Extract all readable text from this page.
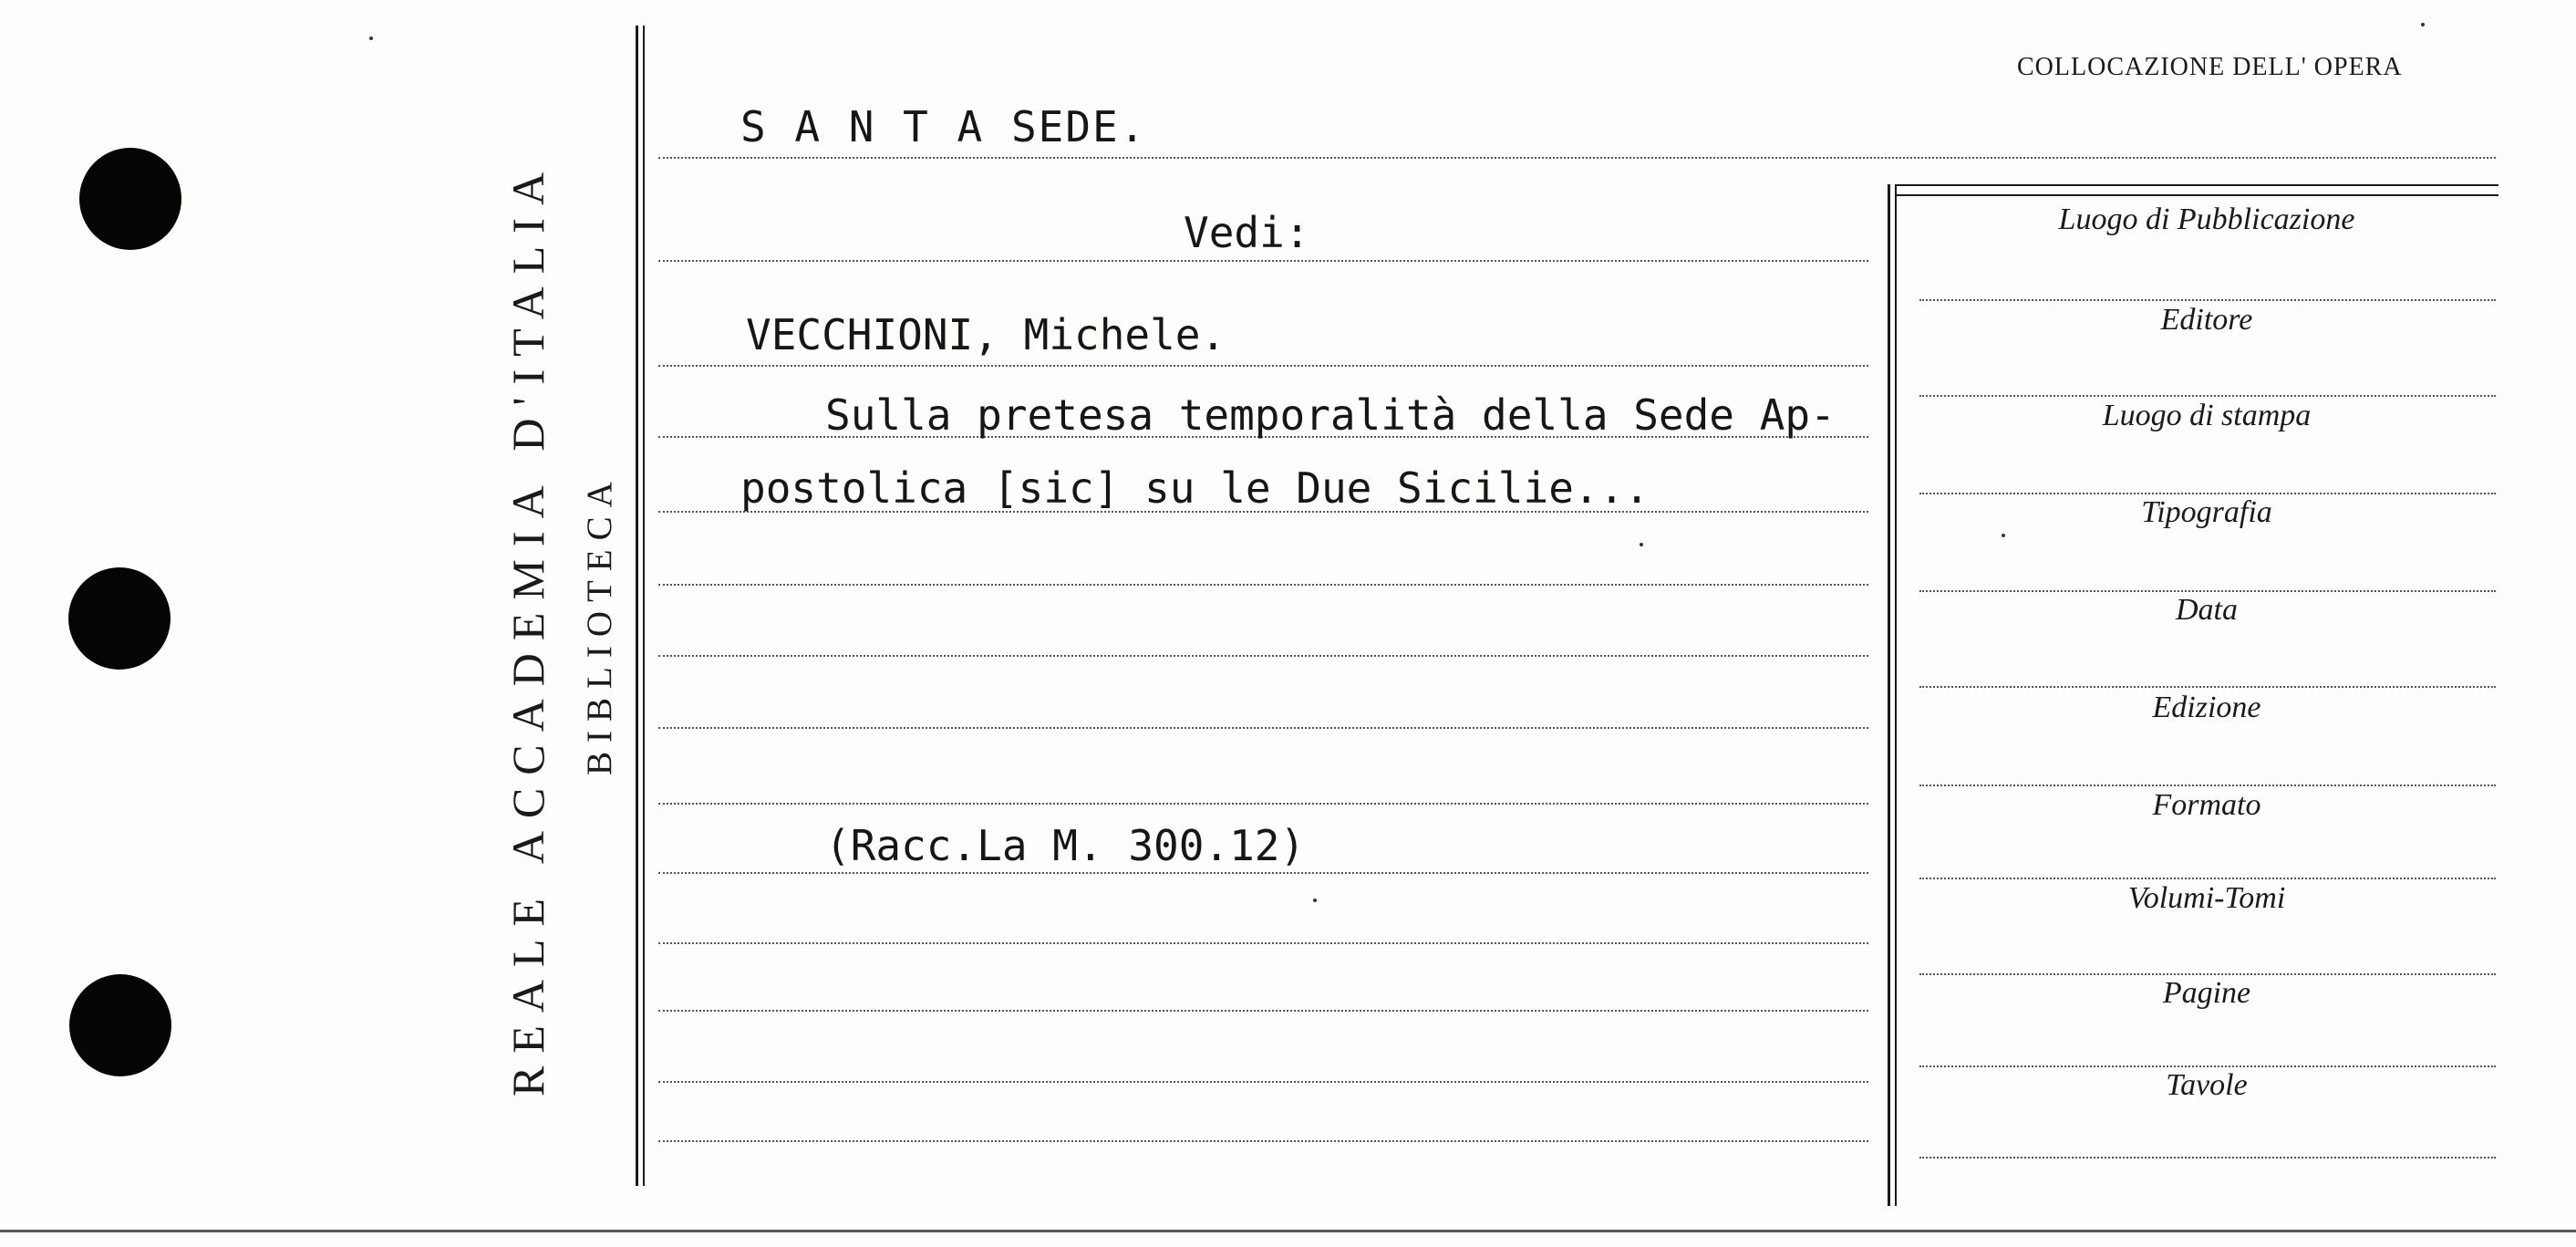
REALE ACCADEMIA D'ITALIA BIBLIOTECA
COLLOCAZIONE DELL' OPERA
S A N T A SEDE.
Vedi:
VECCHIONI, Michele.
Sulla pretesa temporalità della Sede Ap-
postolica [sic] su le Due Sicilie...
(Racc.La M. 300.12)
Luogo di Pubblicazione
Editore
Luogo di stampa
Tipografia
Data
Edizione
Formato
Volumi-Tomi
Pagine
Tavole
